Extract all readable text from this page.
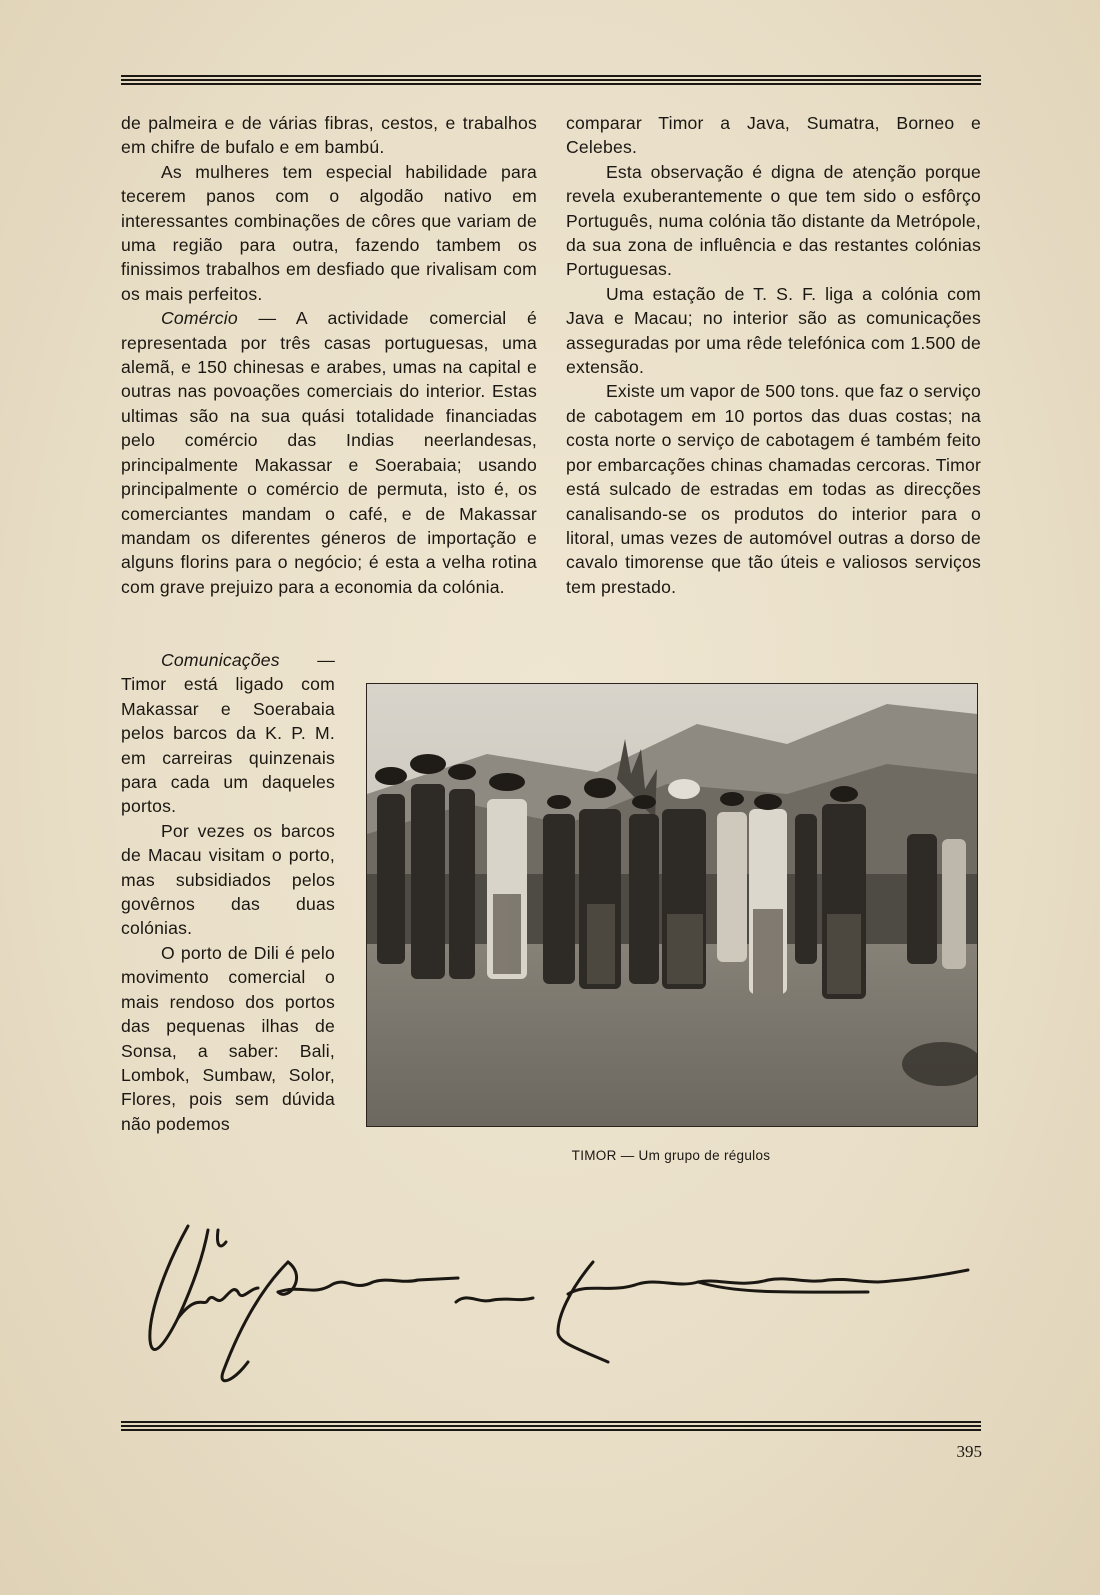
de palmeira e de várias fibras, cestos, e trabalhos em chifre de bufalo e em bambú.

As mulheres tem especial habilidade para tecerem panos com o algodão nativo em interessantes combinações de côres que variam de uma região para outra, fazendo tambem os finissimos trabalhos em desfiado que rivalisam com os mais perfeitos.

Comércio — A actividade comercial é representada por três casas portuguesas, uma alemã, e 150 chinesas e arabes, umas na capital e outras nas povoações comerciais do interior. Estas ultimas são na sua quási totalidade financiadas pelo comércio das Indias neerlandesas, principalmente Makassar e Soerabaia; usando principalmente o comércio de permuta, isto é, os comerciantes mandam o café, e de Makassar mandam os diferentes géneros de importação e alguns florins para o negócio; é esta a velha rotina com grave prejuizo para a economia da colónia.

Comunicações — Timor está ligado com Makassar e Soerabaia pelos barcos da K. P. M. em carreiras quinzenais para cada um daqueles portos.

Por vezes os barcos de Macau visitam o porto, mas subsidiados pelos govêrnos das duas colónias.

O porto de Dili é pelo movimento comercial o mais rendoso dos portos das pequenas ilhas de Sonsa, a saber: Bali, Lombok, Sumbaw, Solor, Flores, pois sem dúvida não podemos

comparar Timor a Java, Sumatra, Borneo e Celebes.

Esta observação é digna de atenção porque revela exuberantemente o que tem sido o esfôrço Português, numa colónia tão distante da Metrópole, da sua zona de influência e das restantes colónias Portuguesas.

Uma estação de T. S. F. liga a colónia com Java e Macau; no interior são as comunicações asseguradas por uma rêde telefónica com 1.500 de extensão.

Existe um vapor de 500 tons. que faz o serviço de cabotagem em 10 portos das duas costas; na costa norte o serviço de cabotagem é também feito por embarcações chinas chamadas cercoras. Timor está sulcado de estradas em todas as direcções canalisando-se os produtos do interior para o litoral, umas vezes de automóvel outras a dorso de cavalo timorense que tão úteis e valiosos serviços tem prestado.

TIMOR — Um grupo de régulos
395
